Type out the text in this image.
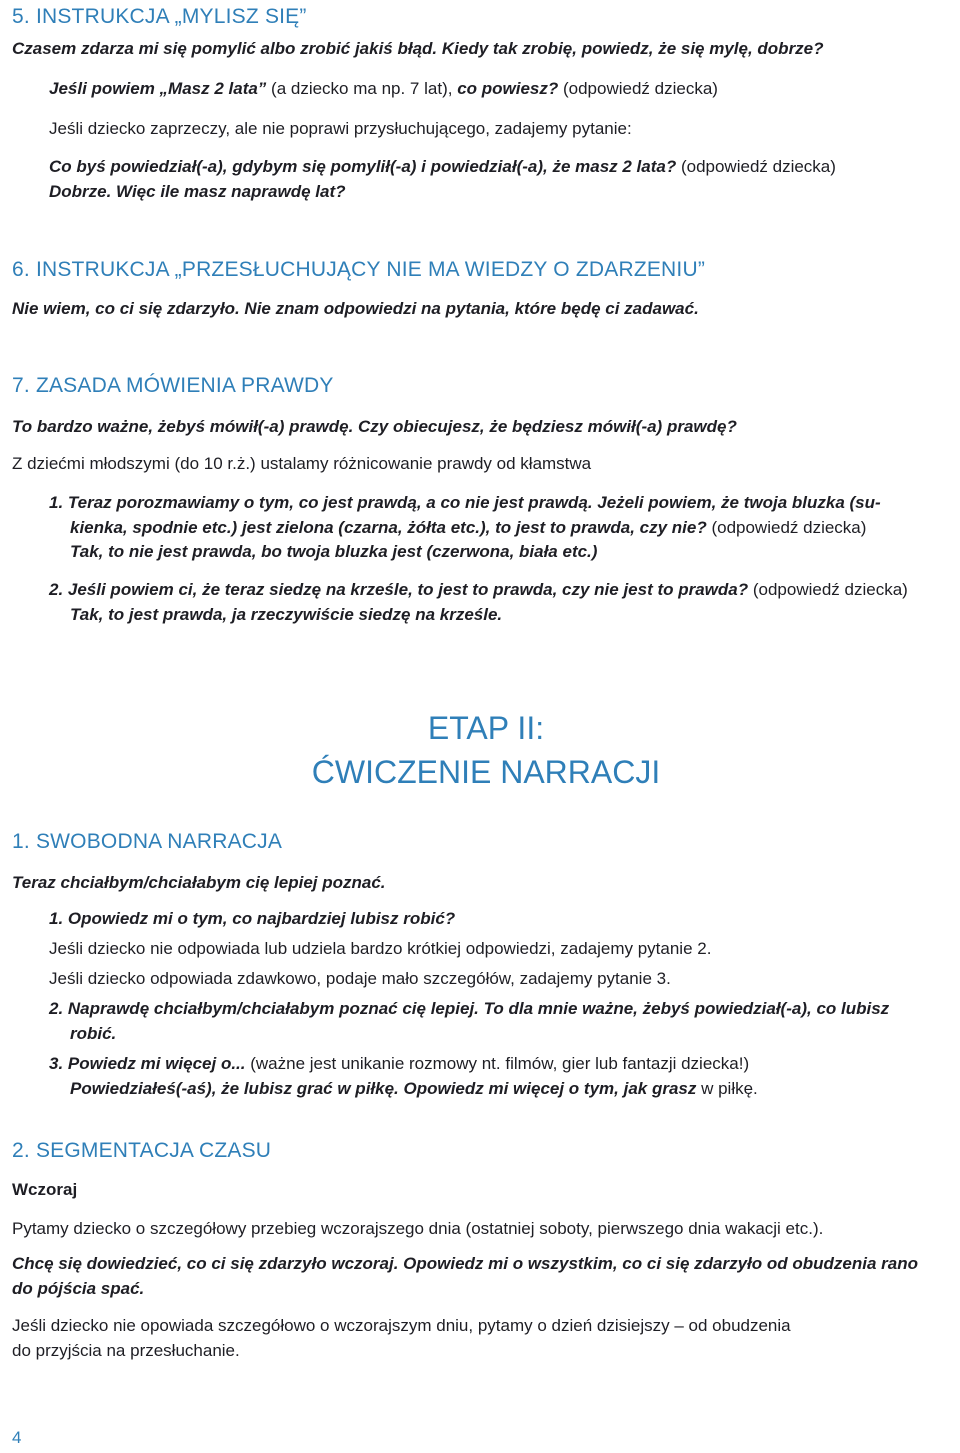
5. INSTRUKCJA „MYLISZ SIĘ”

Czasem zdarza mi się pomylić albo zrobić jakiś błąd. Kiedy tak zrobię, powiedz, że się mylę, dobrze?

Jeśli powiem „Masz 2 lata” (a dziecko ma np. 7 lat), co powiesz? (odpowiedź dziecka)

Jeśli dziecko zaprzeczy, ale nie poprawi przysłuchującego, zadajemy pytanie:

Co byś powiedział(-a), gdybym się pomylił(-a) i powiedział(-a), że masz 2 lata? (odpowiedź dziecka)

Dobrze. Więc ile masz naprawdę lat?

6. INSTRUKCJA „PRZESŁUCHUJĄCY NIE MA WIEDZY O ZDARZENIU”

Nie wiem, co ci się zdarzyło. Nie znam odpowiedzi na pytania, które będę ci zadawać.

7. ZASADA MÓWIENIA PRAWDY

To bardzo ważne, żebyś mówił(-a) prawdę. Czy obiecujesz, że będziesz mówił(-a) prawdę?

Z dziećmi młodszymi (do 10 r.ż.) ustalamy różnicowanie prawdy od kłamstwa

1. Teraz porozmawiamy o tym, co jest prawdą, a co nie jest prawdą. Jeżeli powiem, że twoja bluzka (su-

kienka, spodnie etc.) jest zielona (czarna, żółta etc.), to jest to prawda, czy nie? (odpowiedź dziecka)

Tak, to nie jest prawda, bo twoja bluzka jest (czerwona, biała etc.)

2. Jeśli powiem ci, że teraz siedzę na krześle, to jest to prawda, czy nie jest to prawda? (odpowiedź dziecka)

Tak, to jest prawda, ja rzeczywiście siedzę na krześle.

ETAP II:
ĆWICZENIE NARRACJI
1. SWOBODNA NARRACJA

Teraz chciałbym/chciałabym cię lepiej poznać.

1. Opowiedz mi o tym, co najbardziej lubisz robić?

Jeśli dziecko nie odpowiada lub udziela bardzo krótkiej odpowiedzi, zadajemy pytanie 2.

Jeśli dziecko odpowiada zdawkowo, podaje mało szczegółów, zadajemy pytanie 3.

2. Naprawdę chciałbym/chciałabym poznać cię lepiej. To dla mnie ważne, żebyś powiedział(-a), co lubisz

robić.

3. Powiedz mi więcej o... (ważne jest unikanie rozmowy nt. filmów, gier lub fantazji dziecka!)

Powiedziałeś(-aś), że lubisz grać w piłkę. Opowiedz mi więcej o tym, jak grasz w piłkę.

2. SEGMENTACJA CZASU

Wczoraj

Pytamy dziecko o szczegółowy przebieg wczorajszego dnia (ostatniej soboty, pierwszego dnia wakacji etc.).

Chcę się dowiedzieć, co ci się zdarzyło wczoraj. Opowiedz mi o wszystkim, co ci się zdarzyło od obudzenia rano

do pójścia spać.

Jeśli dziecko nie opowiada szczegółowo o wczorajszym dniu, pytamy o dzień dzisiejszy – od obudzenia

do przyjścia na przesłuchanie.

4
